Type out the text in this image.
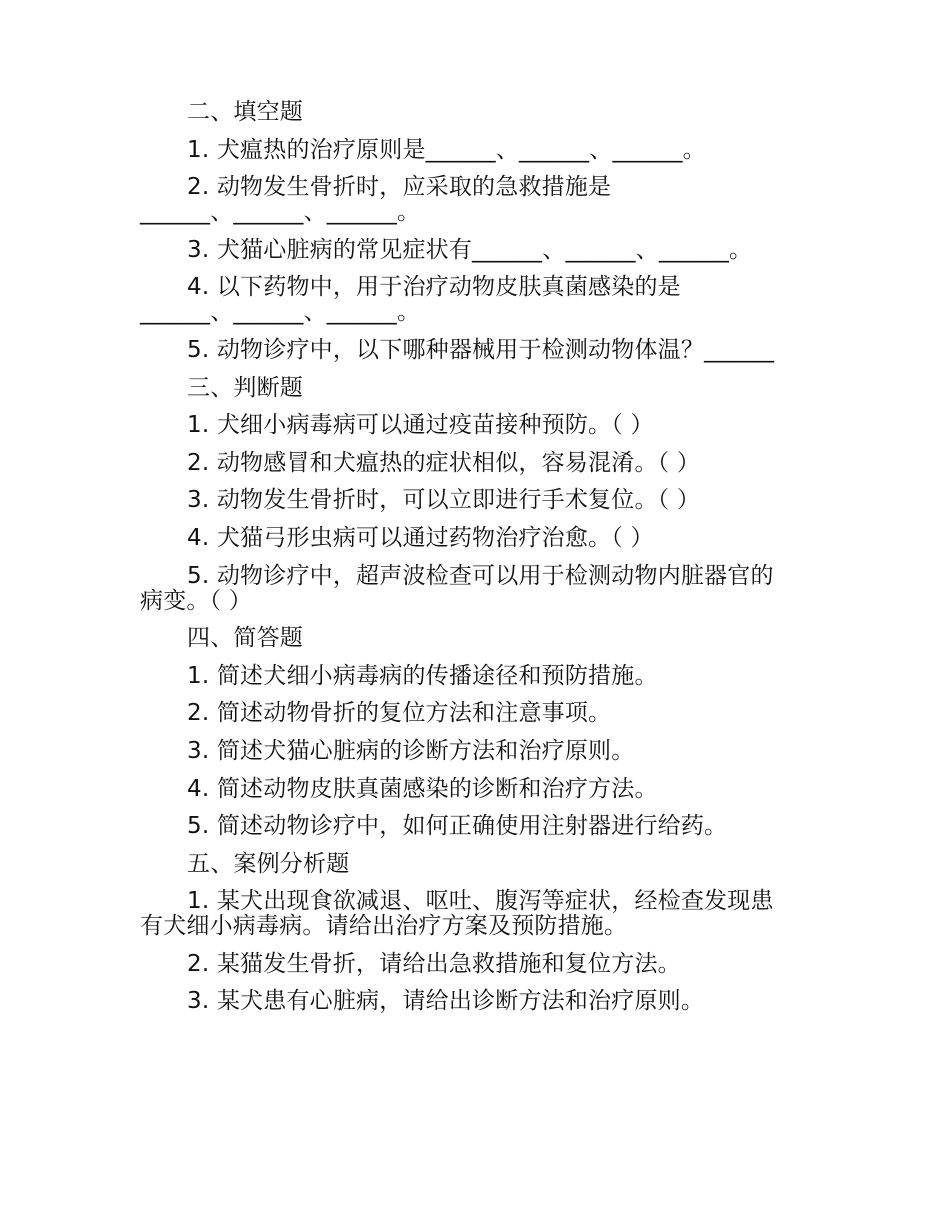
二、填空题

1. 犬瘟热的治疗原则是______、______、______。

2. 动物发生骨折时，应采取的急救措施是
______、______、______。

3. 犬猫心脏病的常见症状有______、______、______。

4. 以下药物中，用于治疗动物皮肤真菌感染的是
______、______、______。

5. 动物诊疗中，以下哪种器械用于检测动物体温？______

三、判断题

1. 犬细小病毒病可以通过疫苗接种预防。（ ）

2. 动物感冒和犬瘟热的症状相似，容易混淆。（ ）

3. 动物发生骨折时，可以立即进行手术复位。（ ）

4. 犬猫弓形虫病可以通过药物治疗治愈。（ ）

5. 动物诊疗中，超声波检查可以用于检测动物内脏器官的
病变。（ ）

四、简答题

1. 简述犬细小病毒病的传播途径和预防措施。

2. 简述动物骨折的复位方法和注意事项。

3. 简述犬猫心脏病的诊断方法和治疗原则。

4. 简述动物皮肤真菌感染的诊断和治疗方法。

5. 简述动物诊疗中，如何正确使用注射器进行给药。

五、案例分析题

1. 某犬出现食欲减退、呕吐、腹泻等症状，经检查发现患
有犬细小病毒病。请给出治疗方案及预防措施。

2. 某猫发生骨折，请给出急救措施和复位方法。

3. 某犬患有心脏病，请给出诊断方法和治疗原则。
